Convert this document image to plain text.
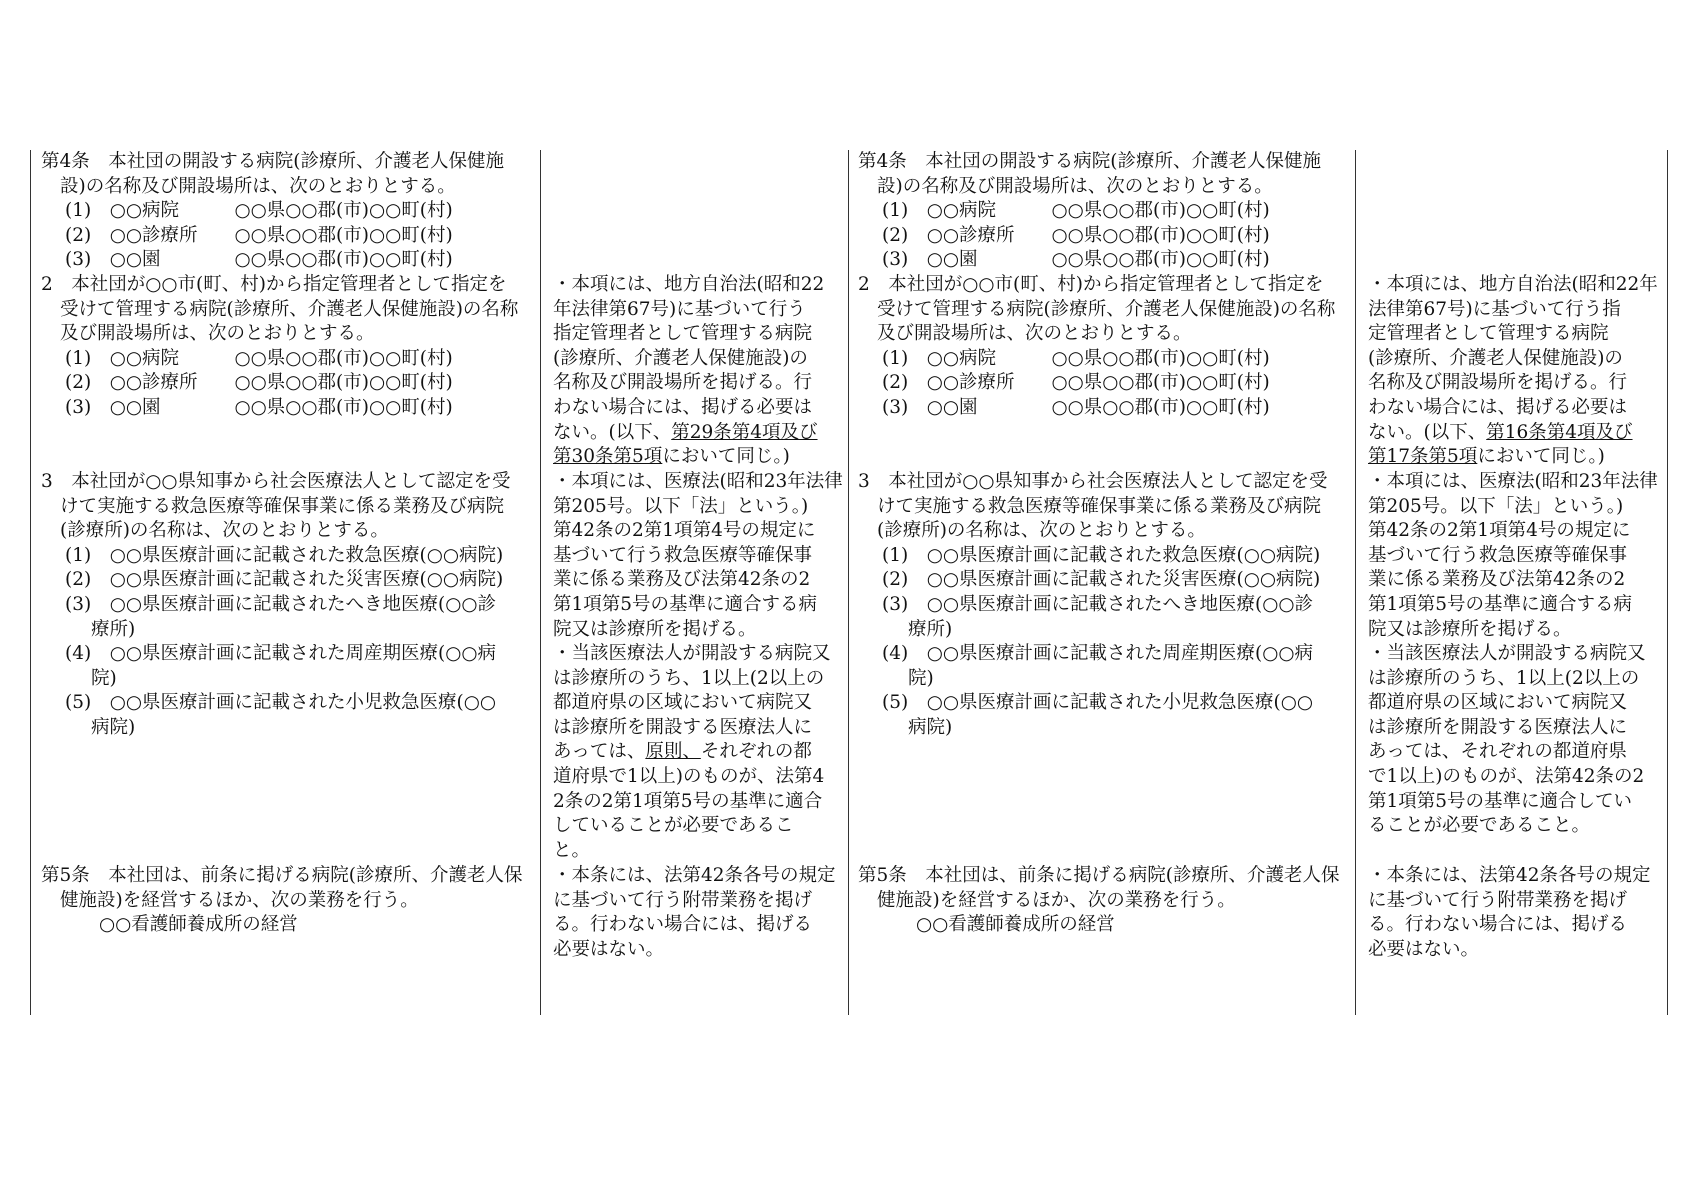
第4条　本社団の開設する病院(診療所、介護老人保健施
設)の名称及び開設場所は、次のとおりとする。
(1)　○○病院　　　○○県○○郡(市)○○町(村)
(2)　○○診療所　　○○県○○郡(市)○○町(村)
(3)　○○園　　　　○○県○○郡(市)○○町(村)
2　本社団が○○市(町、村)から指定管理者として指定を
受けて管理する病院(診療所、介護老人保健施設)の名称
及び開設場所は、次のとおりとする。
(1)　○○病院　　　○○県○○郡(市)○○町(村)
(2)　○○診療所　　○○県○○郡(市)○○町(村)
(3)　○○園　　　　○○県○○郡(市)○○町(村)
3　本社団が○○県知事から社会医療法人として認定を受
けて実施する救急医療等確保事業に係る業務及び病院
(診療所)の名称は、次のとおりとする。
(1)　○○県医療計画に記載された救急医療(○○病院)
(2)　○○県医療計画に記載された災害医療(○○病院)
(3)　○○県医療計画に記載されたへき地医療(○○診
療所)
(4)　○○県医療計画に記載された周産期医療(○○病
院)
(5)　○○県医療計画に記載された小児救急医療(○○
病院)
第5条　本社団は、前条に掲げる病院(診療所、介護老人保
健施設)を経営するほか、次の業務を行う。
○○看護師養成所の経営
・本項には、地方自治法(昭和22
年法律第67号)に基づいて行う
指定管理者として管理する病院
(診療所、介護老人保健施設)の
名称及び開設場所を掲げる。行
わない場合には、掲げる必要は
ない。(以下、第29条第4項及び
第30条第5項において同じ。)
・本項には、医療法(昭和23年法律
第205号。以下「法」という。)
第42条の2第1項第4号の規定に
基づいて行う救急医療等確保事
業に係る業務及び法第42条の2
第1項第5号の基準に適合する病
院又は診療所を掲げる。
・当該医療法人が開設する病院又
は診療所のうち、1以上(2以上の
都道府県の区域において病院又
は診療所を開設する医療法人に
あっては、原則、それぞれの都
道府県で1以上)のものが、法第4
2条の2第1項第5号の基準に適合
していることが必要であるこ
と。
・本条には、法第42条各号の規定
に基づいて行う附帯業務を掲げ
る。行わない場合には、掲げる
必要はない。
第4条　本社団の開設する病院(診療所、介護老人保健施
設)の名称及び開設場所は、次のとおりとする。
(1)　○○病院　　　○○県○○郡(市)○○町(村)
(2)　○○診療所　　○○県○○郡(市)○○町(村)
(3)　○○園　　　　○○県○○郡(市)○○町(村)
2　本社団が○○市(町、村)から指定管理者として指定を
受けて管理する病院(診療所、介護老人保健施設)の名称
及び開設場所は、次のとおりとする。
(1)　○○病院　　　○○県○○郡(市)○○町(村)
(2)　○○診療所　　○○県○○郡(市)○○町(村)
(3)　○○園　　　　○○県○○郡(市)○○町(村)
3　本社団が○○県知事から社会医療法人として認定を受
けて実施する救急医療等確保事業に係る業務及び病院
(診療所)の名称は、次のとおりとする。
(1)　○○県医療計画に記載された救急医療(○○病院)
(2)　○○県医療計画に記載された災害医療(○○病院)
(3)　○○県医療計画に記載されたへき地医療(○○診
療所)
(4)　○○県医療計画に記載された周産期医療(○○病
院)
(5)　○○県医療計画に記載された小児救急医療(○○
病院)
第5条　本社団は、前条に掲げる病院(診療所、介護老人保
健施設)を経営するほか、次の業務を行う。
○○看護師養成所の経営
・本項には、地方自治法(昭和22年
法律第67号)に基づいて行う指
定管理者として管理する病院
(診療所、介護老人保健施設)の
名称及び開設場所を掲げる。行
わない場合には、掲げる必要は
ない。(以下、第16条第4項及び
第17条第5項において同じ。)
・本項には、医療法(昭和23年法律
第205号。以下「法」という。)
第42条の2第1項第4号の規定に
基づいて行う救急医療等確保事
業に係る業務及び法第42条の2
第1項第5号の基準に適合する病
院又は診療所を掲げる。
・当該医療法人が開設する病院又
は診療所のうち、1以上(2以上の
都道府県の区域において病院又
は診療所を開設する医療法人に
あっては、それぞれの都道府県
で1以上)のものが、法第42条の2
第1項第5号の基準に適合してい
ることが必要であること。
・本条には、法第42条各号の規定
に基づいて行う附帯業務を掲げ
る。行わない場合には、掲げる
必要はない。
